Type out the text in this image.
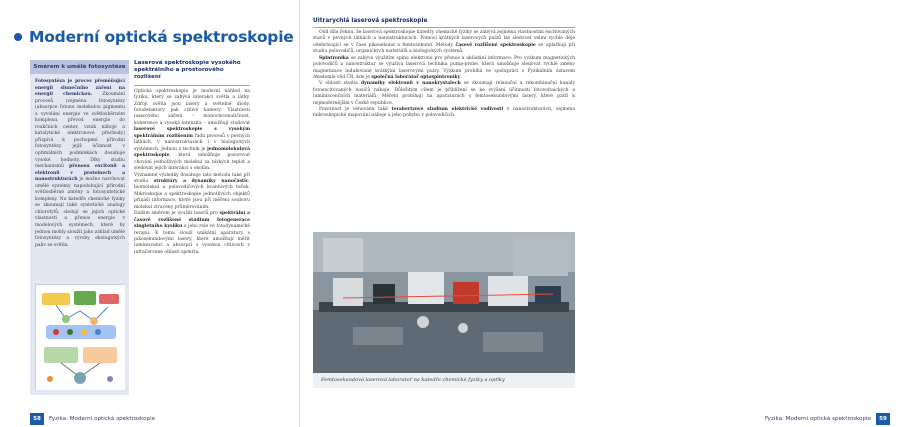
Moderní optická spektroskopie
Směrem k umělé fotosyntéze
Fotosyntéza je proces přeměňující energii slunečního záření na energii chemickou. Zkoumání procesů (zejména fotosyntézy (absorpce fotonu molekulou pigmentu a vyvolání energie ve světlosběrném komplexu, převod energie do reakčních center, vznik náboje a katalytické elektronové přechody) přispívá k pochopení přírodní fotosyntézy, jejíž účinnost v optimálních podmínkách dosahuje vysoké hodnoty. Díky studiu mechanismů přenosu excitonů a elektronů v proteinech a nanostrukturách je možno navrhovat umělé systémy napodobující přírodní světlosběrné antény a fotosyntetické komplexy. Na katedře chemické fyziky se zkoumají také syntetické analogy chlorofylů, sledují se jejich optické vlastnosti a přenos energie v modelových systémech, které by jednou mohly sloužit jako základ umělé fotosyntézy a výroby ekologických paliv ze světla.
Laserová spektroskopie vysokého spektrálního a prostorového rozlišení

Optická spektroskopie je moderní náhled na fyziku, který se zabývá interakcí světla a látky. Zdroji světla jsou lasery a světelné diody, fotodetektory pak citlivé kamery. Vlastnosti laserového záření – monochromatičnost, koherence a vysoká intenzita – umožňují studovat laserové spektroskopie s vysokým spektrálním rozlišením řadu procesů v pevných látkách, v nanostrukturách i v biologických systémech. Jednou z technik je jednomolekulová spektroskopie, která umožňuje pozorovat chování jednotlivých molekul za nízkých teplot a sledovat jejich interakci s okolím.

Významné výsledky dosahuje tato metoda také při studiu struktury a dynamiky nanočástic, biomolekul a polovodičových kvantových teček. Mikroskopie a spektroskopie jednotlivých objektů přináší informace, které jsou při měření souboru molekul ztraceny průměrováním.

Dalším směrem je využití laserů pro spektrální a časově rozlišené studium fotogenerace singletního kyslíku a jeho role ve fotodynamické terapii. K tomu slouží unikátní aparatury s pikosekundovými lasery, které umožňují měřit luminiscenci a absorpci s vysokou citlivostí v infračervené oblasti spektra.

58	Fyzika: Moderní optická spektroskopie
Ultrarychlá laserová spektroskopie

Odd dílu řeknu, že laserová spektroskopie katedry chemické fyziky se zabývá zejména vlastnostmi excitovaných stavů v pevných látkách a nanostrukturách. Pomocí krátkých laserových pulzů lze sledovat velmi rychlé děje odehrávající se v čase pikosekund a femtosekund. Metody časově rozlišené spektroskopie se uplatňují při studiu polovodičů, organických materiálů a biologických systémů.

Spintronika se zabývá využitím spinu elektronu pro přenos a ukládání informace. Pro výzkum magnetických polovodičů a nanostruktur se využívá laserová technika pump-probe, která umožňuje sledovat rychlé změny magnetizace indukované krátkými laserovými pulzy. Výzkum probíhá ve spolupráci s Fyzikálním ústavem Akademie věd ČR, kde je společná laboratoř optospintroniky.

V oblasti studia dynamiky elektronů v nanokrystalech se zkoumají relaxační a rekombinační kanály fotoexcitovaných nosičů náboje. Důležitým cílem je přiblížení se ke zvýšení účinnosti fotovoltaických a luminiscenčních materiálů. Měření probíhají na aparaturách s femtosekundovými lasery, které patří k nejmodernějším v České republice.

Pozornost je věnována také terahertzové studium elektrické vodivosti v nanostrukturách, zejména mikroskopické mapování náboje a jeho pohybu v polovodičích.

Femtosekundová laserová laboratoř na katedře chemické fyziky a optiky
Fyzika: Moderní optická spektroskopie	59
